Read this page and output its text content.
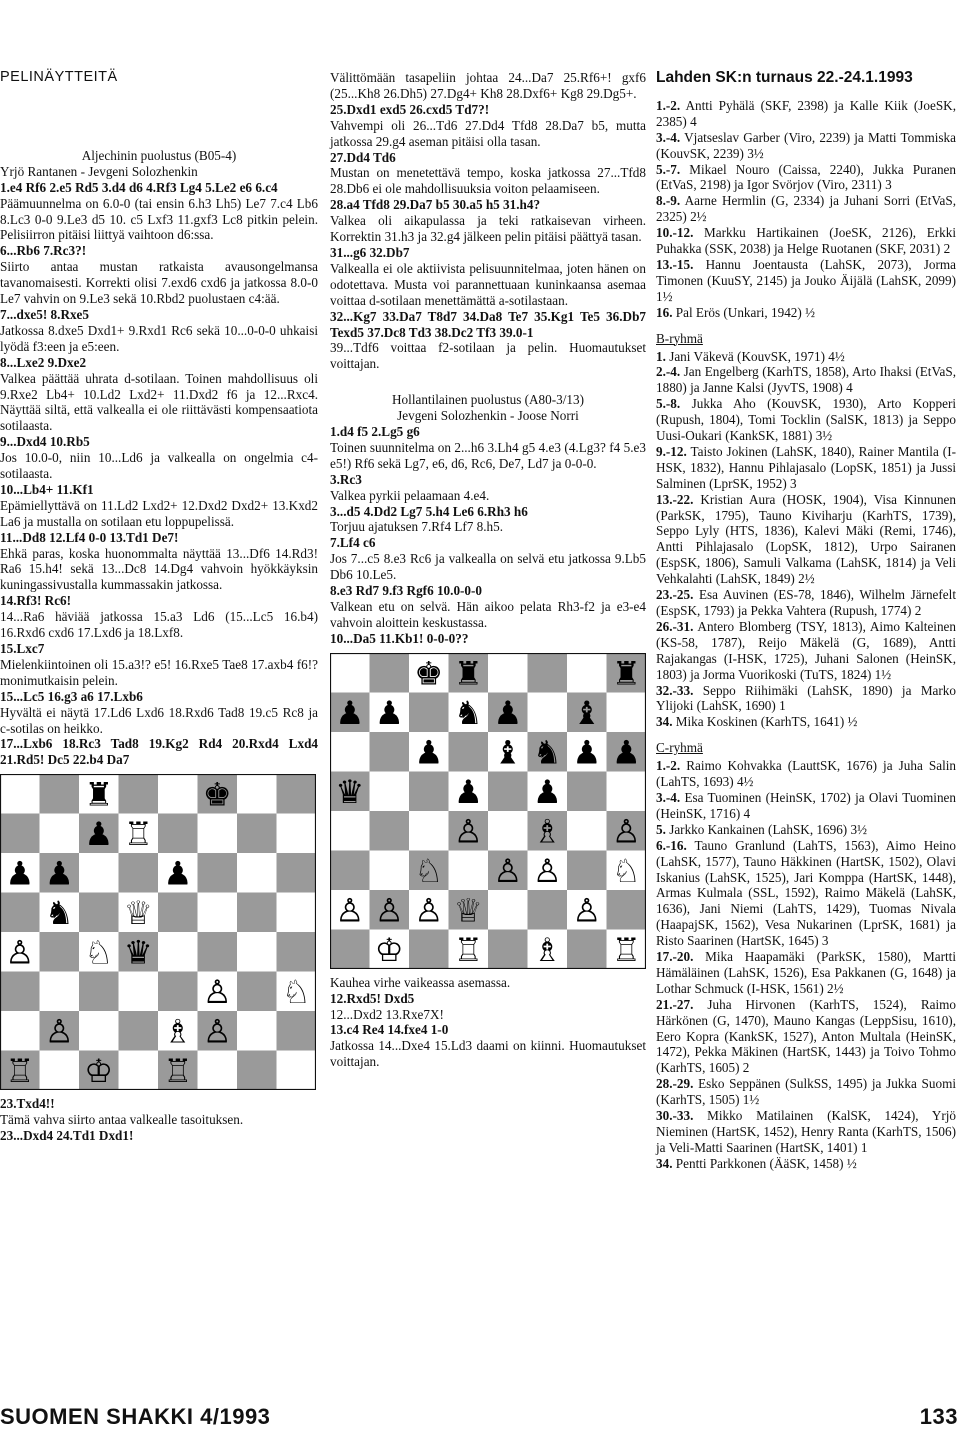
PELINÄYTTEITÄ

Aljechinin puolustus (B05-4)

Yrjö Rantanen - Jevgeni Solozhenkin

1.e4 Rf6 2.e5 Rd5 3.d4 d6 4.Rf3 Lg4 5.Le2 e6 6.c4

Päämuunnelma on 6.0-0 (tai ensin 6.h3 Lh5) Le7 7.c4 Lb6 8.Lc3 0-0 9.Le3 d5 10. c5 Lxf3 11.gxf3 Lc8 pitkin pelein. Pelisiirron pitäisi liittyä vaihtoon d6:ssa.

6...Rb6 7.Rc3?!

Siirto antaa mustan ratkaista avausongelmansa tavanomaisesti. Korrekti olisi 7.exd6 cxd6 ja jatkossa 8.0-0 Le7 vahvin on 9.Le3 sekä 10.Rbd2 puolustaen c4:ää.

7...dxe5! 8.Rxe5

Jatkossa 8.dxe5 Dxd1+ 9.Rxd1 Rc6 sekä 10...0-0-0 uhkaisi lyödä f3:een ja e5:een.

8...Lxe2 9.Dxe2

Valkea päättää uhrata d-sotilaan. Toinen mahdollisuus oli 9.Rxe2 Lb4+ 10.Ld2 Lxd2+ 11.Dxd2 f6 ja 12...Rxc4. Näyttää siltä, että valkealla ei ole riittävästi kompensaatiota sotilaasta.

9...Dxd4 10.Rb5

Jos 10.0-0, niin 10...Ld6 ja valkealla on ongelmia c4-sotilaasta.

10...Lb4+ 11.Kf1

Epämiellyttävä on 11.Ld2 Lxd2+ 12.Dxd2 Dxd2+ 13.Kxd2 La6 ja mustalla on sotilaan etu loppupelissä.

11...Dd8 12.Lf4 0-0 13.Td1 De7!

Ehkä paras, koska huonommalta näyttää 13...Df6 14.Rd3! Ra6 15.h4! sekä 13...Dc8 14.Dg4 vahvoin hyökkäyksin kuningassivustalla kummassakin jatkossa.

14.Rf3! Rc6!

14...Ra6 häviää jatkossa 15.a3 Ld6 (15...Lc5 16.b4) 16.Rxd6 cxd6 17.Lxd6 ja 18.Lxf8.

15.Lxc7

Mielenkiintoinen oli 15.a3!? e5! 16.Rxe5 Tae8 17.axb4 f6!? monimutkaisin pelein.

15...Lc5 16.g3 a6 17.Lxb6

Hyvältä ei näytä 17.Ld6 Lxd6 18.Rxd6 Tad8 19.c5 Rc8 ja c-sotilas on heikko.

17...Lxb6 18.Rc3 Tad8 19.Kg2 Rd4 20.Rxd4 Lxd4 21.Rd5! Dc5 22.b4 Da7

♜	♚
♟ ♖
♟ ♟	♟
♞ ♕
♙ ♘ ♛
♙ ♘
♙	♗ ♙
♖ ♔ ♖

23.Txd4!!

Tämä vahva siirto antaa valkealle tasoituksen.

23...Dxd4 24.Td1 Dxd1!

Välittömään tasapeliin johtaa 24...Da7 25.Rf6+! gxf6 (25...Kh8 26.Dh5) 27.Dg4+ Kh8 28.Dxf6+ Kg8 29.Dg5+.

25.Dxd1 exd5 26.cxd5 Td7?!

Vahvempi oli 26...Td6 27.Dd4 Tfd8 28.Da7 b5, mutta jatkossa 29.g4 aseman pitäisi olla tasan.

27.Dd4 Td6

Mustan on menetettävä tempo, koska jatkossa 27...Tfd8 28.Db6 ei ole mahdollisuuksia voiton pelaamiseen.

28.a4 Tfd8 29.Da7 b5 30.a5 h5 31.h4?

Valkea oli aikapulassa ja teki ratkaisevan virheen. Korrektin 31.h3 ja 32.g4 jälkeen pelin pitäisi päättyä tasan.

31...g6 32.Db7

Valkealla ei ole aktiivista pelisuunnitelmaa, joten hänen on odotettava. Musta voi parannettuaan kuninkaansa asemaa voittaa d-sotilaan menettämättä a-sotilastaan.

32...Kg7 33.Da7 T8d7 34.Da8 Te7 35.Kg1 Te5 36.Db7 Texd5 37.Dc8 Td3 38.Dc2 Tf3 39.0-1

39...Tdf6 voittaa f2-sotilaan ja pelin. Huomautukset voittajan.

Hollantilainen puolustus (A80-3/13)

Jevgeni Solozhenkin - Joose Norri

1.d4 f5 2.Lg5 g6

Toinen suunnitelma on 2...h6 3.Lh4 g5 4.e3 (4.Lg3? f4 5.e3 e5!) Rf6 sekä Lg7, e6, d6, Rc6, De7, Ld7 ja 0-0-0.

3.Rc3

Valkea pyrkii pelaamaan 4.e4.

3...d5 4.Dd2 Lg7 5.h4 Le6 6.Rh3 h6

Torjuu ajatuksen 7.Rf4 Lf7 8.h5.

7.Lf4 c6

Jos 7...c5 8.e3 Rc6 ja valkealla on selvä etu jatkossa 9.Lb5 Db6 10.Le5.

8.e3 Rd7 9.f3 Rgf6 10.0-0-0

Valkean etu on selvä. Hän aikoo pelata Rh3-f2 ja e3-e4 vahvoin aloittein keskustassa.

10...Da5 11.Kb1! 0-0-0??

♚ ♜	♜
♟ ♟ ♞ ♟ ♝
♟ ♝ ♞ ♟ ♟
♛	♟ ♟
♙ ♗ ♙
♘ ♙ ♙ ♘
♙ ♙ ♙ ♕	♙
♔ ♖ ♗ ♖

Kauhea virhe vaikeassa asemassa.

12.Rxd5! Dxd5

12...Dxd2 13.Rxe7X!

13.c4 Re4 14.fxe4 1-0

Jatkossa 14...Dxe4 15.Ld3 daami on kiinni. Huomautukset voittajan.

Lahden SK:n turnaus 22.-24.1.1993

1.-2. Antti Pyhälä (SKF, 2398) ja Kalle Kiik (JoeSK, 2385) 4

3.-4. Vjatseslav Garber (Viro, 2239) ja Matti Tommiska (KouvSK, 2239) 3½

5.-7. Mikael Nouro (Caissa, 2240), Jukka Puranen (EtVaS, 2198) ja Igor Svörjov (Viro, 2311) 3

8.-9. Aarne Hermlin (G, 2334) ja Juhani Sorri (EtVaS, 2325) 2½

10.-12. Markku Hartikainen (JoeSK, 2126), Erkki Puhakka (SSK, 2038) ja Helge Ruotanen (SKF, 2031) 2

13.-15. Hannu Joentausta (LahSK, 2073), Jorma Timonen (KuuSY, 2145) ja Jouko Äijälä (LahSK, 2099) 1½

16. Pal Erös (Unkari, 1942) ½

B-ryhmä

1. Jani Väkevä (KouvSK, 1971) 4½

2.-4. Jan Engelberg (KarhTS, 1858), Arto Ihaksi (EtVaS, 1880) ja Janne Kalsi (JyvTS, 1908) 4

5.-8. Jukka Aho (KouvSK, 1930), Arto Kopperi (Rupush, 1804), Tomi Tocklin (SalSK, 1813) ja Seppo Uusi-Oukari (KankSK, 1881) 3½

9.-12. Taisto Jokinen (LahSK, 1840), Rainer Mantila (I-HSK, 1832), Hannu Pihlajasalo (LopSK, 1851) ja Jussi Salminen (LprSK, 1952) 3

13.-22. Kristian Aura (HOSK, 1904), Visa Kinnunen (ParkSK, 1795), Tauno Kiviharju (KarhTS, 1739), Seppo Lyly (HTS, 1836), Kalevi Mäki (Remi, 1746), Antti Pihlajasalo (LopSK, 1812), Urpo Sairanen (EspSK, 1806), Samuli Valkama (LahSK, 1814) ja Veli Vehkalahti (LahSK, 1849) 2½

23.-25. Esa Auvinen (ES-78, 1846), Wilhelm Järnefelt (EspSK, 1793) ja Pekka Vahtera (Rupush, 1774) 2

26.-31. Antero Blomberg (TSY, 1813), Aimo Kalteinen (KS-58, 1787), Reijo Mäkelä (G, 1689), Antti Rajakangas (I-HSK, 1725), Juhani Salonen (HeinSK, 1803) ja Jorma Vuorikoski (TuTS, 1824) 1½

32.-33. Seppo Riihimäki (LahSK, 1890) ja Marko Ylijoki (LahSK, 1690) 1

34. Mika Koskinen (KarhTS, 1641) ½

C-ryhmä

1.-2. Raimo Kohvakka (LauttSK, 1676) ja Juha Salin (LahTS, 1693) 4½

3.-4. Esa Tuominen (HeinSK, 1702) ja Olavi Tuominen (HeinSK, 1716) 4

5. Jarkko Kankainen (LahSK, 1696) 3½

6.-16. Tauno Granlund (LahTS, 1563), Aimo Heino (LahSK, 1577), Tauno Häkkinen (HartSK, 1502), Olavi Iskanius (LahSK, 1525), Jari Komppa (HartSK, 1448), Armas Kulmala (SSL, 1592), Raimo Mäkelä (LahSK, 1636), Jani Niemi (LahTS, 1429), Tuomas Nivala (HaapajSK, 1562), Vesa Nukarinen (LprSK, 1681) ja Risto Saarinen (HartSK, 1645) 3

17.-20. Mika Haapamäki (ParkSK, 1580), Martti Hämäläinen (LahSK, 1526), Esa Pakkanen (G, 1648) ja Lothar Schmuck (I-HSK, 1561) 2½

21.-27. Juha Hirvonen (KarhTS, 1524), Raimo Härkönen (G, 1470), Mauno Kangas (LeppSisu, 1610), Eero Kopra (KankSK, 1527), Anton Multala (HeinSK, 1472), Pekka Mäkinen (HartSK, 1443) ja Toivo Tohmo (KarhTS, 1605) 2

28.-29. Esko Seppänen (SulkSS, 1495) ja Jukka Suomi (KarhTS, 1505) 1½

30.-33. Mikko Matilainen (KalSK, 1424), Yrjö Nieminen (HartSK, 1452), Henry Ranta (KarhTS, 1506) ja Veli-Matti Saarinen (HartSK, 1401) 1

34. Pentti Parkkonen (ÄäSK, 1458) ½

SUOMEN SHAKKI 4/1993	133
